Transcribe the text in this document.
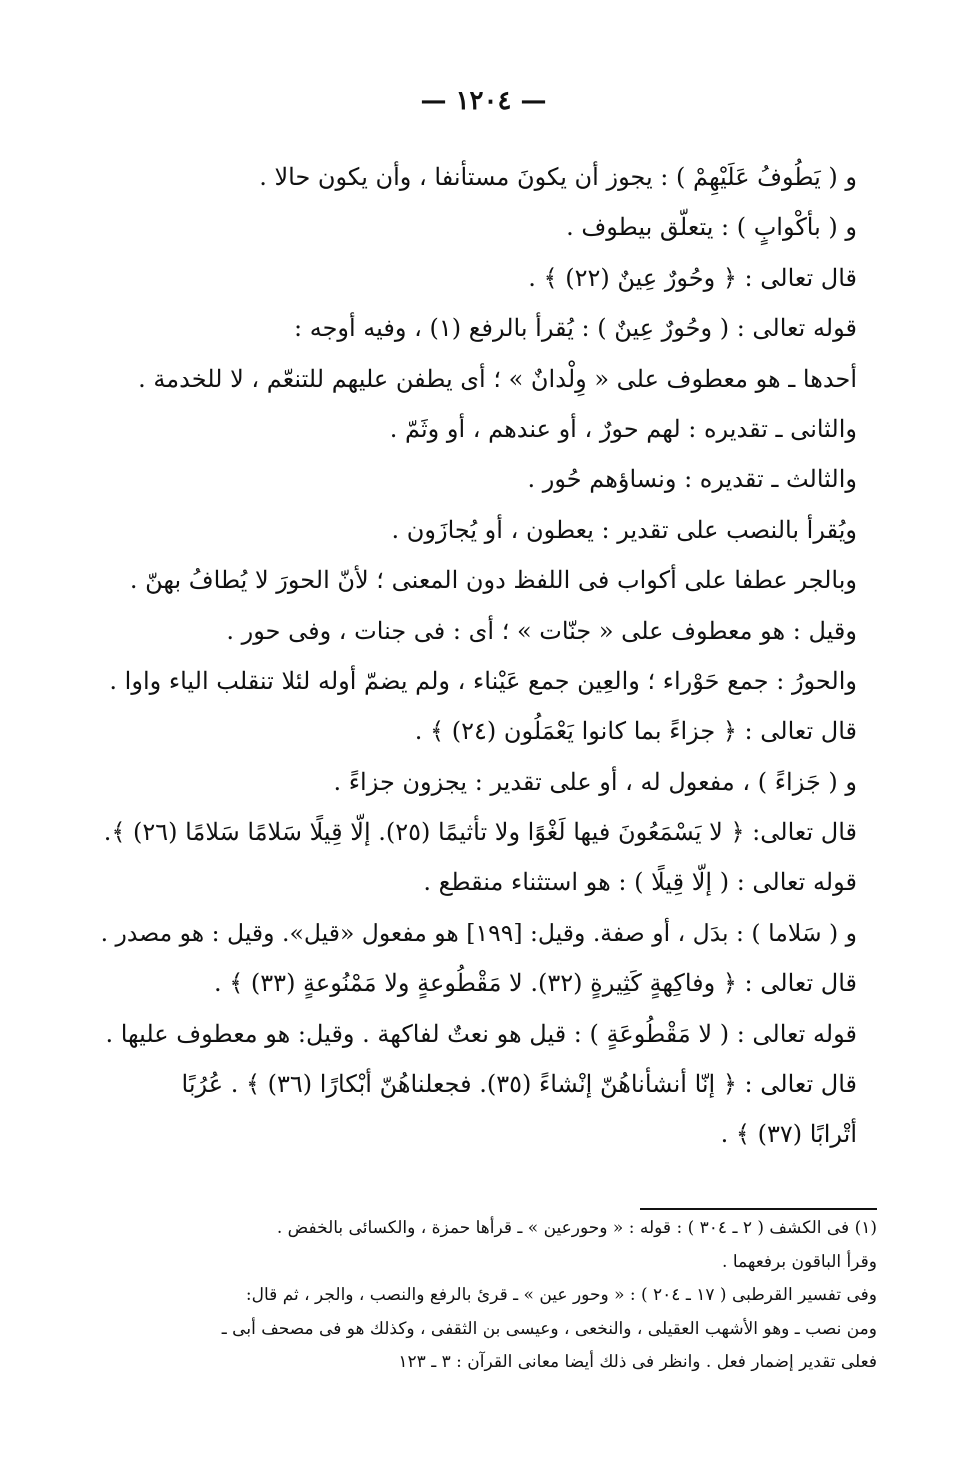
— ١٢٠٤ —
و ( يَطُوفُ عَلَيْهِمْ ) : يجوز أن يكونَ مستأنفا ، وأن يكون حالا .
و ( بأكْوابٍ ) : يتعلّق بيطوف .
قال تعالى : ﴿ وحُورٌ عِينٌ (٢٢) ﴾ .
قوله تعالى : ( وحُورٌ عِينٌ ) : يُقرأ بالرفع (١) ، وفيه أوجه :
أحدها ـ هو معطوف على « وِلْدانٌ » ؛ أى يطفن عليهم للتنعّم ، لا للخدمة .
والثانى ـ تقديره : لهم حورٌ ، أو عندهم ، أو وثَمّ .
والثالث ـ تقديره : ونساؤهم حُور .
ويُقرأ بالنصب على تقدير : يعطون ، أو يُجازَون .
وبالجر عطفا على أكواب فى اللفظ دون المعنى ؛ لأنّ الحورَ لا يُطافُ بهنّ .
وقيل : هو معطوف على « جنّات » ؛ أى : فى جنات ، وفى حور .
والحورُ : جمع حَوْراء ؛ والعِين جمع عَيْناء ، ولم يضمّ أوله لئلا تنقلب الياء واوا .
قال تعالى : ﴿ جزاءً بما كانوا يَعْمَلُون (٢٤) ﴾ .
و ( جَزاءً ) ، مفعول له ، أو على تقدير : يجزون جزاءً .
قال تعالى: ﴿ لا يَسْمَعُونَ فيها لَغْوًا ولا تأثيمًا (٢٥). إلّا قِيلًا سَلامًا سَلامًا (٢٦) ﴾.
قوله تعالى : ( إلّا قِيلًا ) : هو استثناء منقطع .
و ( سَلاما ) : بدَل ، أو صفة. وقيل: [١٩٩] هو مفعول «قيل». وقيل : هو مصدر .
قال تعالى : ﴿ وفاكِهةٍ كَثِيرةٍ (٣٢). لا مَقْطُوعةٍ ولا مَمْنُوعةٍ (٣٣) ﴾ .
قوله تعالى : ( لا مَقْطُوعَةٍ ) : قيل هو نعتٌ لفاكهة . وقيل: هو معطوف عليها .
قال تعالى : ﴿ إنّا أنشأناهُنّ إنْشاءً (٣٥). فجعلناهُنّ أبْكارًا (٣٦) ﴾ . عُرُبًا
أتْرابًا (٣٧) ﴾ .
(١) فى الكشف ( ٢ ـ ٣٠٤ ) : قوله : « وحورعين » ـ قرأها حمزة ، والكسائى بالخفض .
وقرأ الباقون برفعهما .
وفى تفسير القرطبى ( ١٧ ـ ٢٠٤ ) : « وحور عين » ـ قرئ بالرفع والنصب ، والجر ، ثم قال:
ومن نصب ـ وهو الأشهب العقيلى ، والنخعى ، وعيسى بن الثقفى ، وكذلك هو فى مصحف أبى ـ
فعلى تقدير إضمار فعل . وانظر فى ذلك أيضا معانى القرآن : ٣ ـ ١٢٣
